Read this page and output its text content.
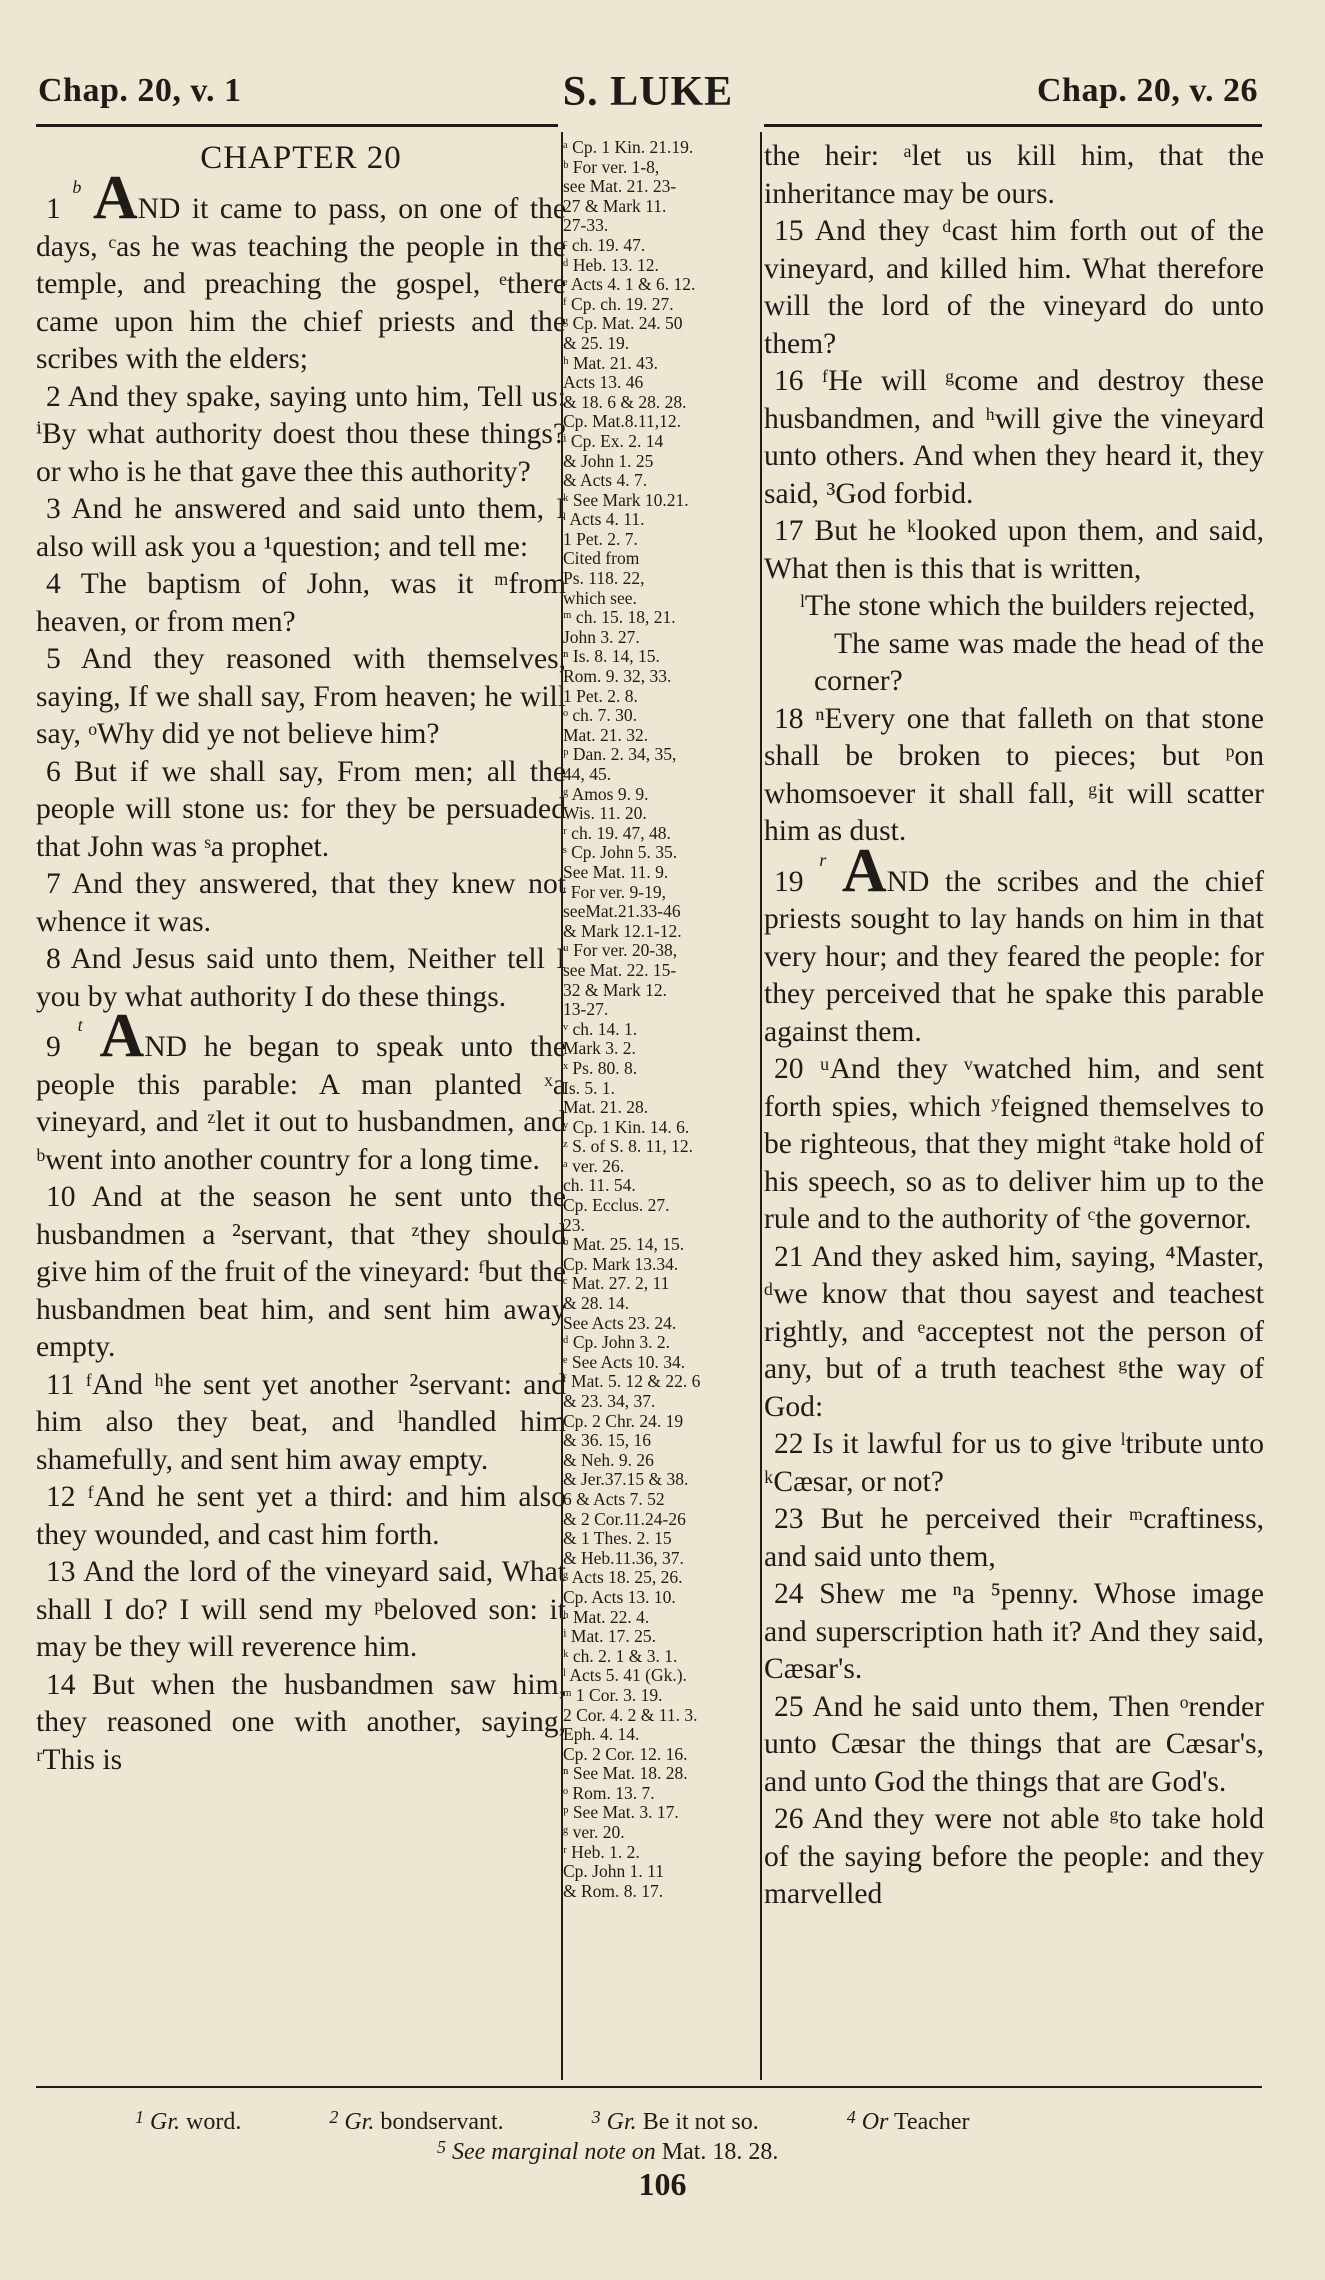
Chap. 20, v. 1	S. LUKE	Chap. 20, v. 26
CHAPTER 20

1 $^b$ AND it came to pass, on one of the days, ᶜas he was teaching the people in the temple, and preaching the gospel, ᵉthere came upon him the chief priests and the scribes with the elders;

2 And they spake, saying unto him, Tell us: ⁱBy what authority doest thou these things? or who is he that gave thee this authority?

3 And he answered and said unto them, I also will ask you a ¹question; and tell me:

4 The baptism of John, was it ᵐfrom heaven, or from men?

5 And they reasoned with themselves, saying, If we shall say, From heaven; he will say, ᵒWhy did ye not believe him?

6 But if we shall say, From men; all the people will stone us: for they be persuaded that John was ˢa prophet.

7 And they answered, that they knew not whence it was.

8 And Jesus said unto them, Neither tell I you by what authority I do these things.

9 $^t$ AND he began to speak unto the people this parable: A man planted ˣa vineyard, and ᶻlet it out to husbandmen, and ᵇwent into another country for a long time.

10 And at the season he sent unto the husbandmen a ²servant, that ᶻthey should give him of the fruit of the vineyard: ᶠbut the husbandmen beat him, and sent him away empty.

11 ᶠAnd ʰhe sent yet another ²servant: and him also they beat, and ˡhandled him shamefully, and sent him away empty.

12 ᶠAnd he sent yet a third: and him also they wounded, and cast him forth.

13 And the lord of the vineyard said, What shall I do? I will send my ᵖbeloved son: it may be they will reverence him.

14 But when the husbandmen saw him, they reasoned one with another, saying, ʳThis is

ᵃ Cp. 1 Kin. 21.19.
ᵇ For ver. 1-8,
see Mat. 21. 23-
27 & Mark 11.
27-33.
ᶜ ch. 19. 47.
ᵈ Heb. 13. 12.
ᵉ Acts 4. 1 & 6. 12.
ᶠ Cp. ch. 19. 27.
ᵍ Cp. Mat. 24. 50
& 25. 19.
ʰ Mat. 21. 43.
Acts 13. 46
& 18. 6 & 28. 28.
Cp. Mat.8.11,12.
ⁱ Cp. Ex. 2. 14
& John 1. 25
& Acts 4. 7.
ᵏ See Mark 10.21.
ˡ Acts 4. 11.
1 Pet. 2. 7.
Cited from
Ps. 118. 22,
which see.
ᵐ ch. 15. 18, 21.
John 3. 27.
ⁿ Is. 8. 14, 15.
Rom. 9. 32, 33.
1 Pet. 2. 8.
ᵒ ch. 7. 30.
Mat. 21. 32.
ᵖ Dan. 2. 34, 35,
44, 45.
ᵍ Amos 9. 9.
Wis. 11. 20.
ʳ ch. 19. 47, 48.
ˢ Cp. John 5. 35.
See Mat. 11. 9.
ᵗ For ver. 9-19,
seeMat.21.33-46
& Mark 12.1-12.
ᵘ For ver. 20-38,
see Mat. 22. 15-
32 & Mark 12.
13-27.
ᵛ ch. 14. 1.
Mark 3. 2.
ˣ Ps. 80. 8.
Is. 5. 1.
Mat. 21. 28.
ʸ Cp. 1 Kin. 14. 6.
ᶻ S. of S. 8. 11, 12.
ᵃ ver. 26.
ch. 11. 54.
Cp. Ecclus. 27.
23.
ᵇ Mat. 25. 14, 15.
Cp. Mark 13.34.
ᶜ Mat. 27. 2, 11
& 28. 14.
See Acts 23. 24.
ᵈ Cp. John 3. 2.
ᵉ See Acts 10. 34.
ᶠ Mat. 5. 12 & 22. 6
& 23. 34, 37.
Cp. 2 Chr. 24. 19
& 36. 15, 16
& Neh. 9. 26
& Jer.37.15 & 38.
6 & Acts 7. 52
& 2 Cor.11.24-26
& 1 Thes. 2. 15
& Heb.11.36, 37.
ᵍ Acts 18. 25, 26.
Cp. Acts 13. 10.
ʰ Mat. 22. 4.
ⁱ Mat. 17. 25.
ᵏ ch. 2. 1 & 3. 1.
ˡ Acts 5. 41 (Gk.).
ᵐ 1 Cor. 3. 19.
2 Cor. 4. 2 & 11. 3.
Eph. 4. 14.
Cp. 2 Cor. 12. 16.
ⁿ See Mat. 18. 28.
ᵒ Rom. 13. 7.
ᵖ See Mat. 3. 17.
ᵍ ver. 20.
ʳ Heb. 1. 2.
Cp. John 1. 11
& Rom. 8. 17.

the heir: ᵃlet us kill him, that the inheritance may be ours.

15 And they ᵈcast him forth out of the vineyard, and killed him. What therefore will the lord of the vineyard do unto them?

16 ᶠHe will ᵍcome and destroy these husbandmen, and ʰwill give the vineyard unto others. And when they heard it, they said, ³God forbid.

17 But he ᵏlooked upon them, and said, What then is this that is written,

ˡThe stone which the builders rejected,

The same was made the head of the corner?

18 ⁿEvery one that falleth on that stone shall be broken to pieces; but ᵖon whomsoever it shall fall, ᵍit will scatter him as dust.

19 $^r$ AND the scribes and the chief priests sought to lay hands on him in that very hour; and they feared the people: for they perceived that he spake this parable against them.

20 ᵘAnd they ᵛwatched him, and sent forth spies, which ʸfeigned themselves to be righteous, that they might ᵃtake hold of his speech, so as to deliver him up to the rule and to the authority of ᶜthe governor.

21 And they asked him, saying, ⁴Master, ᵈwe know that thou sayest and teachest rightly, and ᵉacceptest not the person of any, but of a truth teachest ᵍthe way of God:

22 Is it lawful for us to give ˡtribute unto ᵏCæsar, or not?

23 But he perceived their ᵐcraftiness, and said unto them,

24 Shew me ⁿa ⁵penny. Whose image and superscription hath it? And they said, Cæsar's.

25 And he said unto them, Then ᵒrender unto Cæsar the things that are Cæsar's, and unto God the things that are God's.

26 And they were not able ᵍto take hold of the saying before the people: and they marvelled

$^1$ Gr. word.	$^2$ Gr. bondservant.	$^3$ Gr. Be it not so.	$^4$ Or Teacher
$^5$ See marginal note on Mat. 18. 28.
106
